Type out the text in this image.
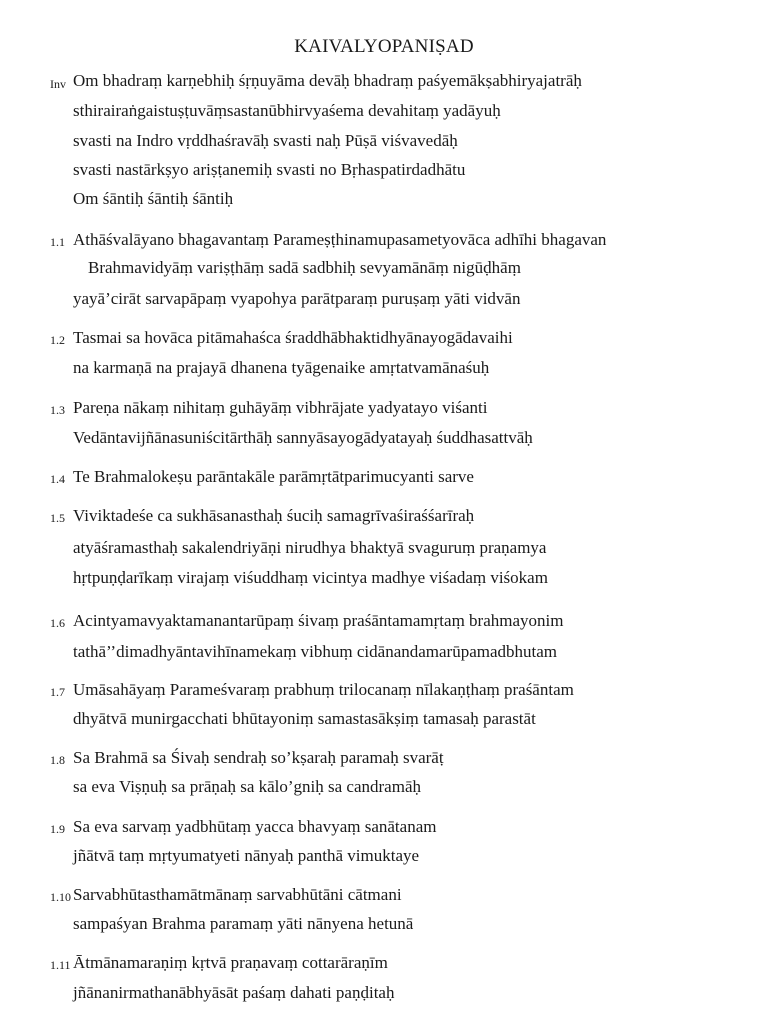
KAIVALYOPANIṢAD
Inv Om bhadraṃ karṇebhiḥ śṛṇuyāma devāḥ bhadraṃ paśyemākṣabhiryajatrāḥ
sthirairaṅgaistuṣṭuvāṃsastanūbhirvyaśema devahitaṃ yadāyuḥ
svasti na Indro vṛddhaśravāḥ svasti naḥ Pūṣā viśvavedāḥ
svasti nastārkṣyo ariṣṭanemiḥ svasti no Bṛhaspatirdadhātu
Om śāntiḥ śāntiḥ śāntiḥ
1.1 Athāśvalāyano bhagavantaṃ Parameṣṭhinamupasametyovāca adhīhi bhagavan
Brahmavidyāṃ variṣṭhāṃ sadā sadbhiḥ sevyamānāṃ nigūḍhāṃ
yayā’cirāt sarvapāpaṃ vyapohya parātparaṃ puruṣaṃ yāti vidvān
1.2 Tasmai sa hovāca pitāmahaśca śraddhābhaktidhyānayogādavaihi
na karmaṇā na prajayā dhanena tyāgenaike amṛtatvamānaśuḥ
1.3 Pareṇa nākaṃ nihitaṃ guhāyāṃ vibhrājate yadyatayo viśanti
Vedāntavijñānasuniścitārthāḥ sannyāsayogādyatayaḥ śuddhasattvāḥ
1.4 Te Brahmalokeṣu parāntakāle parāmṛtātparimucyanti sarve
1.5 Viviktadeśe ca sukhāsanasthaḥ śuciḥ samagrīvaśiraśśarīraḥ
atyāśramasthaḥ sakalendriyāṇi nirudhya bhaktyā svaguruṃ praṇamya
hṛtpuṇḍarīkaṃ virajaṃ viśuddhaṃ vicintya madhye viśadaṃ viśokam
1.6 Acintyamavyaktamanantarūpaṃ śivaṃ praśāntamamṛtaṃ brahmayonim
tathā’’dimadhyāntavihīnamekaṃ vibhuṃ cidānandamarūpamadbhutam
1.7 Umāsahāyaṃ Parameśvaraṃ prabhuṃ trilocanaṃ nīlakaṇṭhaṃ praśāntam
dhyātvā munirgacchati bhūtayoniṃ samastasākṣiṃ tamasaḥ parastāt
1.8 Sa Brahmā sa Śivaḥ sendraḥ so’kṣaraḥ paramaḥ svarāṭ
sa eva Viṣṇuḥ sa prāṇaḥ sa kālo’gniḥ sa candramāḥ
1.9 Sa eva sarvaṃ yadbhūtaṃ yacca bhavyaṃ sanātanam
jñātvā taṃ mṛtyumatyeti nānyaḥ panthā vimuktaye
1.10 Sarvabhūtasthamātmānaṃ sarvabhūtāni cātmani
sampaśyan Brahma paramaṃ yāti nānyena hetunā
1.11 Ātmānamaraṇiṃ kṛtvā praṇavaṃ cottarāraṇīm
jñānanirmathanābhyāsāt paśaṃ dahati paṇḍitaḥ
